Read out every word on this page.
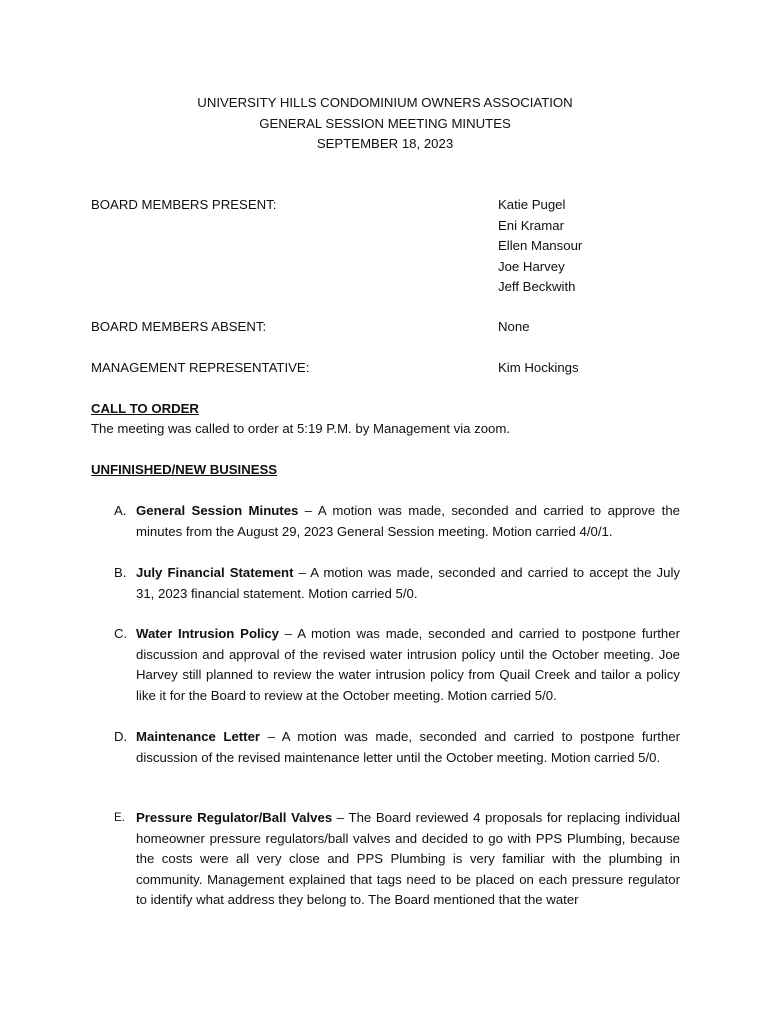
UNIVERSITY HILLS CONDOMINIUM OWNERS ASSOCIATION
GENERAL SESSION MEETING MINUTES
SEPTEMBER 18, 2023
BOARD MEMBERS PRESENT:	Katie Pugel
Eni Kramar
Ellen Mansour
Joe Harvey
Jeff Beckwith
BOARD MEMBERS ABSENT:	None
MANAGEMENT REPRESENTATIVE:	Kim Hockings
CALL TO ORDER
The meeting was called to order at 5:19 P.M. by Management via zoom.
UNFINISHED/NEW BUSINESS
A. General Session Minutes – A motion was made, seconded and carried to approve the minutes from the August 29, 2023 General Session meeting. Motion carried 4/0/1.
B. July Financial Statement – A motion was made, seconded and carried to accept the July 31, 2023 financial statement. Motion carried 5/0.
C. Water Intrusion Policy – A motion was made, seconded and carried to postpone further discussion and approval of the revised water intrusion policy until the October meeting. Joe Harvey still planned to review the water intrusion policy from Quail Creek and tailor a policy like it for the Board to review at the October meeting. Motion carried 5/0.
D. Maintenance Letter – A motion was made, seconded and carried to postpone further discussion of the revised maintenance letter until the October meeting. Motion carried 5/0.
E. Pressure Regulator/Ball Valves – The Board reviewed 4 proposals for replacing individual homeowner pressure regulators/ball valves and decided to go with PPS Plumbing, because the costs were all very close and PPS Plumbing is very familiar with the plumbing in community. Management explained that tags need to be placed on each pressure regulator to identify what address they belong to. The Board mentioned that the water
